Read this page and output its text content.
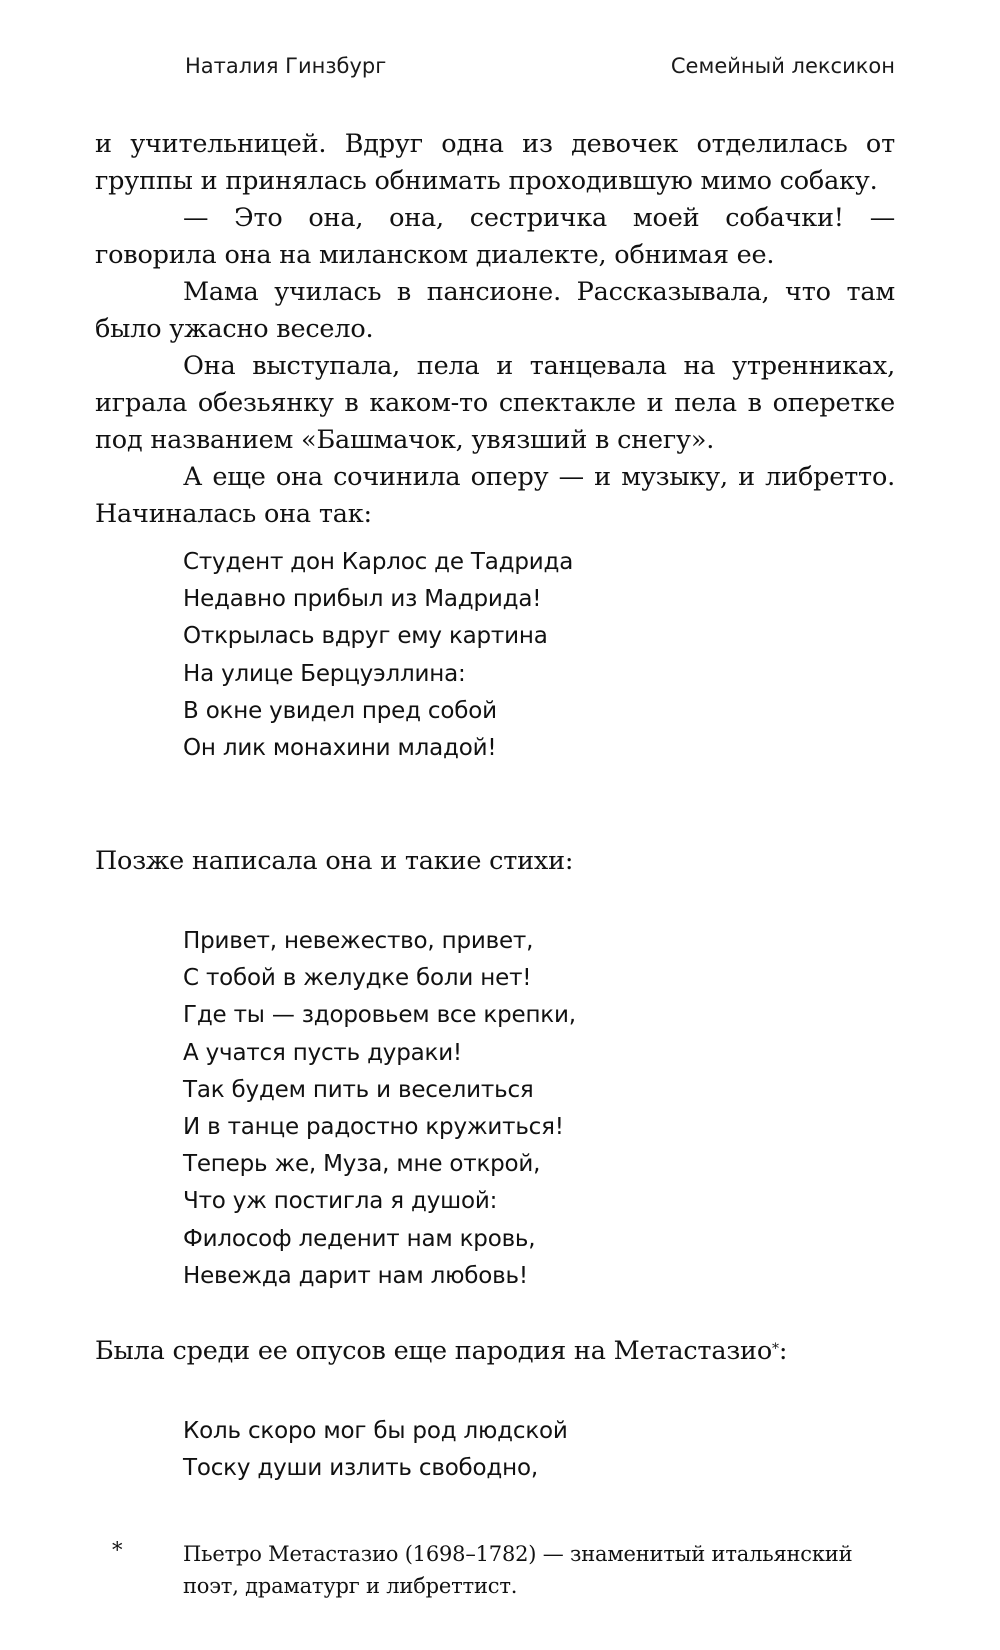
Наталия Гинзбург	Семейный лексикон

и учительницей. Вдруг одна из девочек отделилась от группы и принялась обнимать проходившую мимо собаку.

— Это она, она, сестричка моей собачки! — говорила она на миланском диалекте, обнимая ее.

Мама училась в пансионе. Рассказывала, что там было ужасно весело.

Она выступала, пела и танцевала на утренниках, играла обезьянку в каком-то спектакле и пела в оперетке под названием «Башмачок, увязший в снегу».

А еще она сочинила оперу — и музыку, и либретто. Начиналась она так:

Студент дон Карлос де Тадрида
Недавно прибыл из Мадрида!
Открылась вдруг ему картина
На улице Берцуэллина:
В окне увидел пред собой
Он лик монахини младой!
Позже написала она и такие стихи:
Привет, невежество, привет,
С тобой в желудке боли нет!
Где ты — здоровьем все крепки,
А учатся пусть дураки!
Так будем пить и веселиться
И в танце радостно кружиться!
Теперь же, Муза, мне открой,
Что уж постигла я душой:
Философ леденит нам кровь,
Невежда дарит нам любовь!
Была среди ее опусов еще пародия на Метастазио*:
Коль скоро мог бы род людской
Тоску души излить свободно,
*	Пьетро Метастазио (1698–1782) — знаменитый итальянский поэт, драматург и либреттист.
